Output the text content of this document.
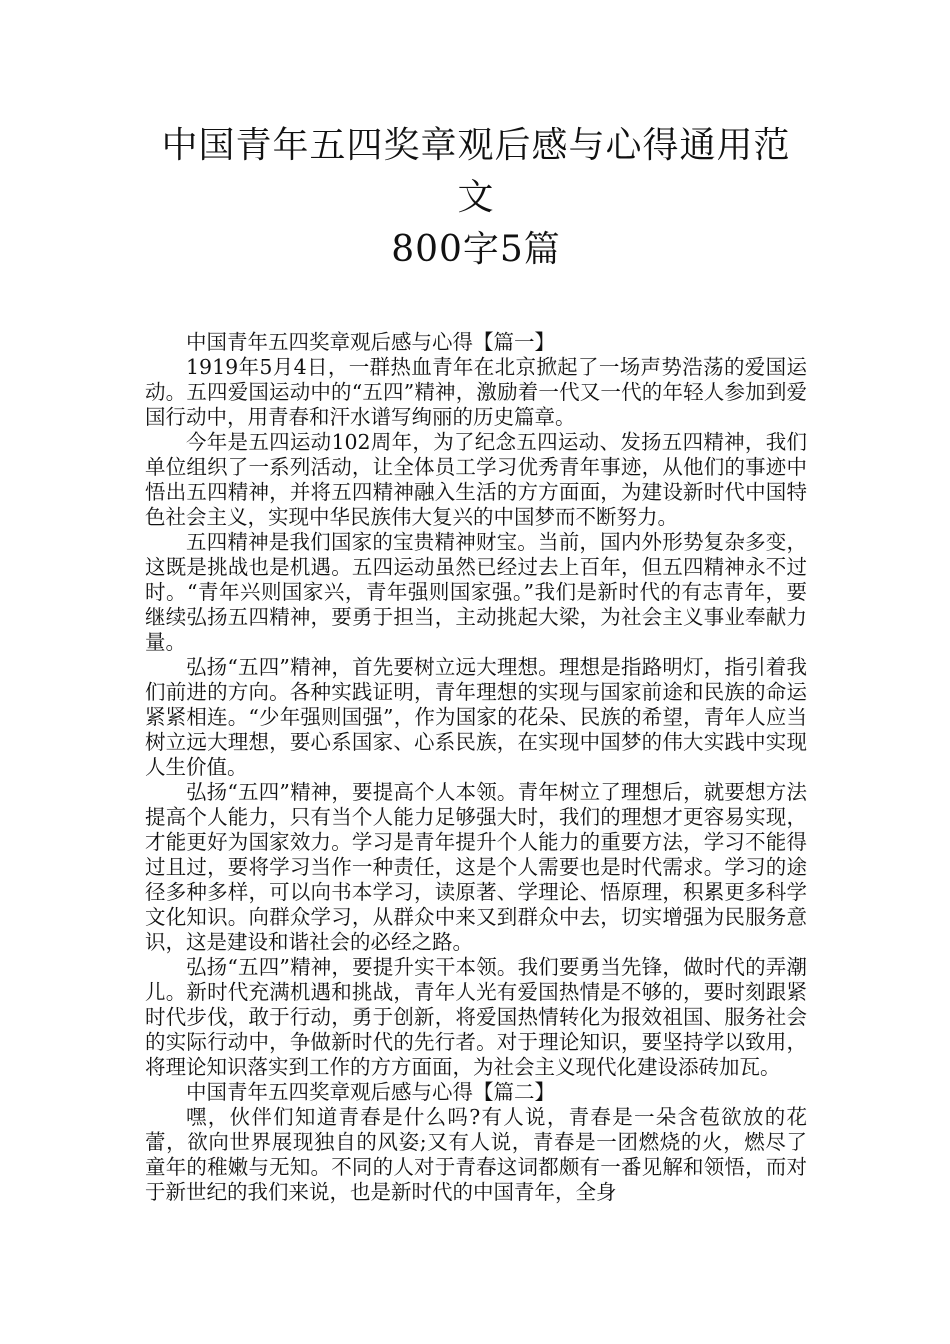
中国青年五四奖章观后感与心得通用范文
800字5篇

中国青年五四奖章观后感与心得【篇一】

1919年5月4日，一群热血青年在北京掀起了一场声势浩荡的爱国运动。五四爱国运动中的“五四”精神，激励着一代又一代的年轻人参加到爱国行动中，用青春和汗水谱写绚丽的历史篇章。

今年是五四运动102周年，为了纪念五四运动、发扬五四精神，我们单位组织了一系列活动，让全体员工学习优秀青年事迹，从他们的事迹中悟出五四精神，并将五四精神融入生活的方方面面，为建设新时代中国特色社会主义，实现中华民族伟大复兴的中国梦而不断努力。

五四精神是我们国家的宝贵精神财宝。当前，国内外形势复杂多变，这既是挑战也是机遇。五四运动虽然已经过去上百年，但五四精神永不过时。“青年兴则国家兴，青年强则国家强。”我们是新时代的有志青年，要继续弘扬五四精神，要勇于担当，主动挑起大梁，为社会主义事业奉献力量。

弘扬“五四”精神，首先要树立远大理想。理想是指路明灯，指引着我们前进的方向。各种实践证明，青年理想的实现与国家前途和民族的命运紧紧相连。“少年强则国强”，作为国家的花朵、民族的希望，青年人应当树立远大理想，要心系国家、心系民族，在实现中国梦的伟大实践中实现人生价值。

弘扬“五四”精神，要提高个人本领。青年树立了理想后，就要想方法提高个人能力，只有当个人能力足够强大时，我们的理想才更容易实现，才能更好为国家效力。学习是青年提升个人能力的重要方法，学习不能得过且过，要将学习当作一种责任，这是个人需要也是时代需求。学习的途径多种多样，可以向书本学习，读原著、学理论、悟原理，积累更多科学文化知识。向群众学习，从群众中来又到群众中去，切实增强为民服务意识，这是建设和谐社会的必经之路。

弘扬“五四”精神，要提升实干本领。我们要勇当先锋，做时代的弄潮儿。新时代充满机遇和挑战，青年人光有爱国热情是不够的，要时刻跟紧时代步伐，敢于行动，勇于创新，将爱国热情转化为报效祖国、服务社会的实际行动中，争做新时代的先行者。对于理论知识，要坚持学以致用，将理论知识落实到工作的方方面面，为社会主义现代化建设添砖加瓦。

中国青年五四奖章观后感与心得【篇二】

嘿，伙伴们知道青春是什么吗?有人说，青春是一朵含苞欲放的花蕾，欲向世界展现独自的风姿;又有人说，青春是一团燃烧的火，燃尽了童年的稚嫩与无知。不同的人对于青春这词都颇有一番见解和领悟，而对于新世纪的我们来说，也是新时代的中国青年，全身
